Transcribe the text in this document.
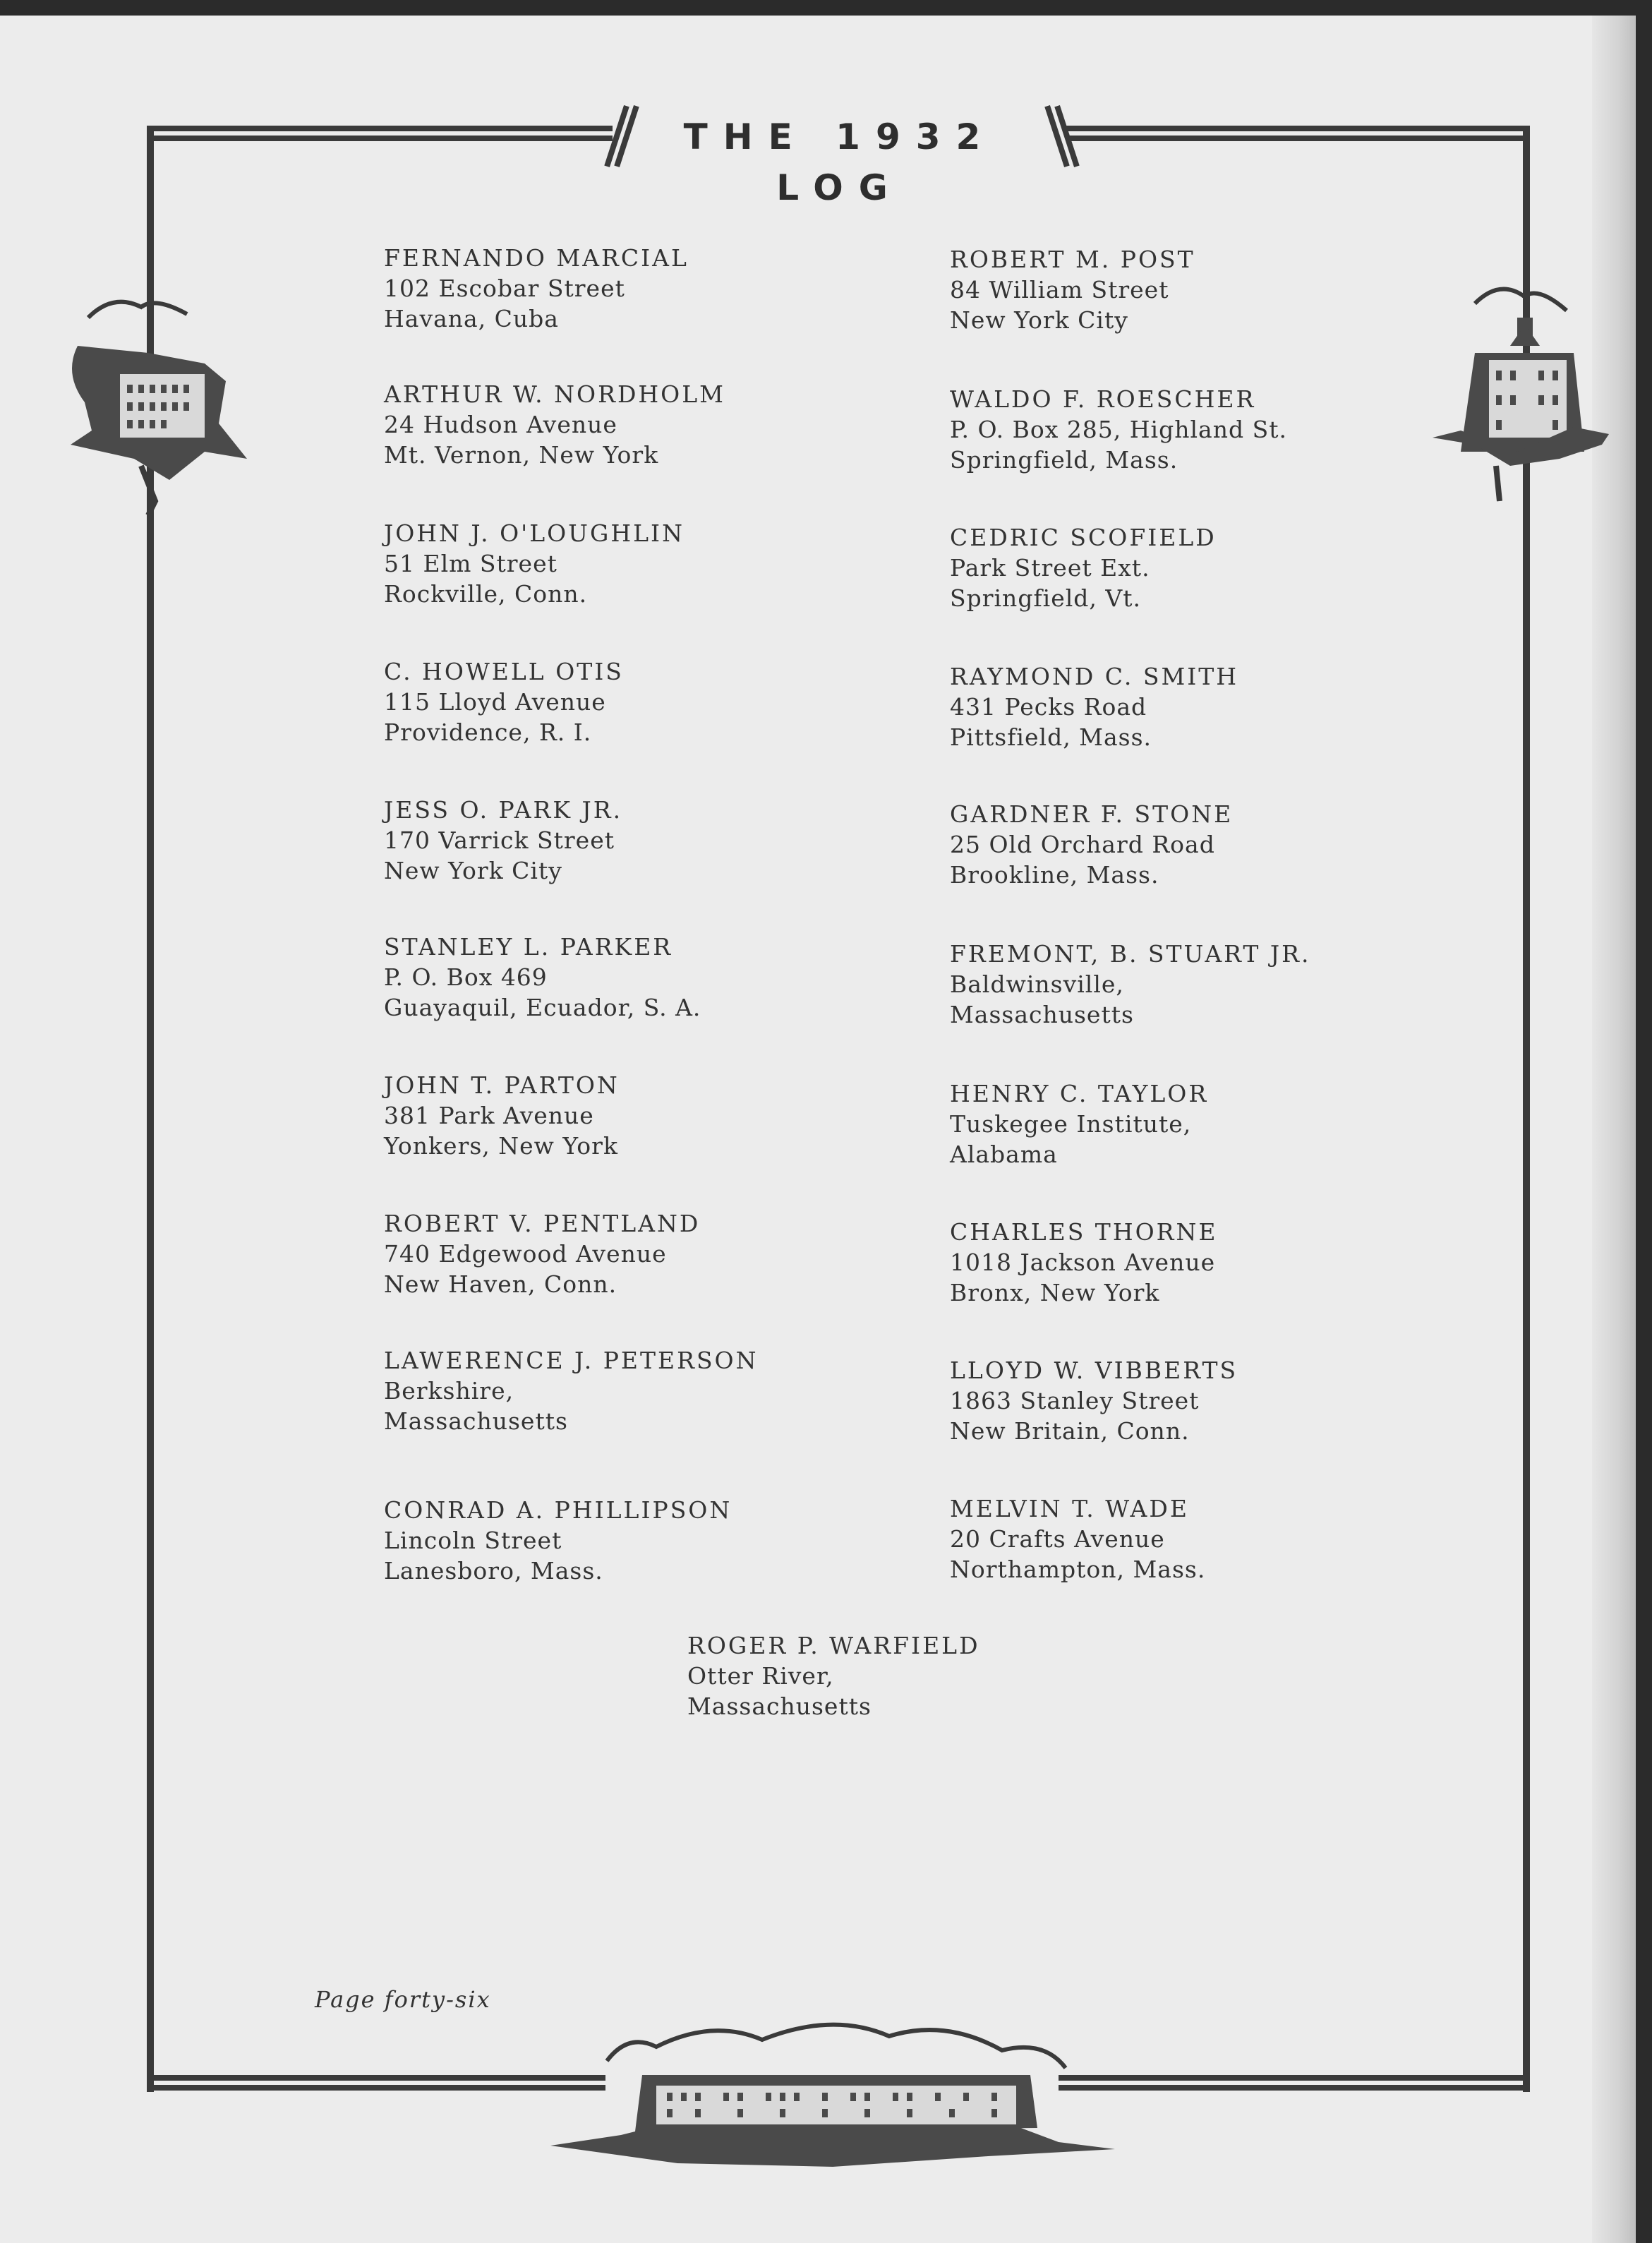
THE 1932 LOG
FERNANDO MARCIAL
102 Escobar Street
Havana, Cuba
ARTHUR W. NORDHOLM
24 Hudson Avenue
Mt. Vernon, New York
JOHN J. O'LOUGHLIN
51 Elm Street
Rockville, Conn.
C. HOWELL OTIS
115 Lloyd Avenue
Providence, R. I.
JESS O. PARK JR.
170 Varrick Street
New York City
STANLEY L. PARKER
P. O. Box 469
Guayaquil, Ecuador, S. A.
JOHN T. PARTON
381 Park Avenue
Yonkers, New York
ROBERT V. PENTLAND
740 Edgewood Avenue
New Haven, Conn.
LAWERENCE J. PETERSON
Berkshire,
Massachusetts
CONRAD A. PHILLIPSON
Lincoln Street
Lanesboro, Mass.
ROBERT M. POST
84 William Street
New York City
WALDO F. ROESCHER
P. O. Box 285, Highland St.
Springfield, Mass.
CEDRIC SCOFIELD
Park Street Ext.
Springfield, Vt.
RAYMOND C. SMITH
431 Pecks Road
Pittsfield, Mass.
GARDNER F. STONE
25 Old Orchard Road
Brookline, Mass.
FREMONT, B. STUART JR.
Baldwinsville,
Massachusetts
HENRY C. TAYLOR
Tuskegee Institute,
Alabama
CHARLES THORNE
1018 Jackson Avenue
Bronx, New York
LLOYD W. VIBBERTS
1863 Stanley Street
New Britain, Conn.
MELVIN T. WADE
20 Crafts Avenue
Northampton, Mass.
ROGER P. WARFIELD
Otter River,
Massachusetts
Page forty-six
